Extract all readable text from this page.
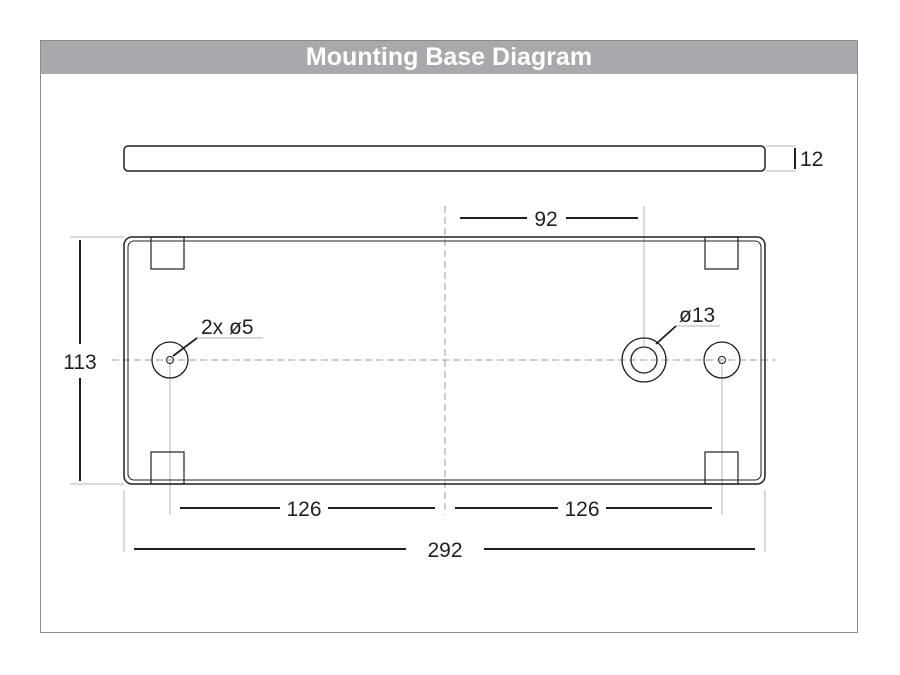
Mounting Base Diagram
12
2x ø5
ø13
92
113
126	126
292
